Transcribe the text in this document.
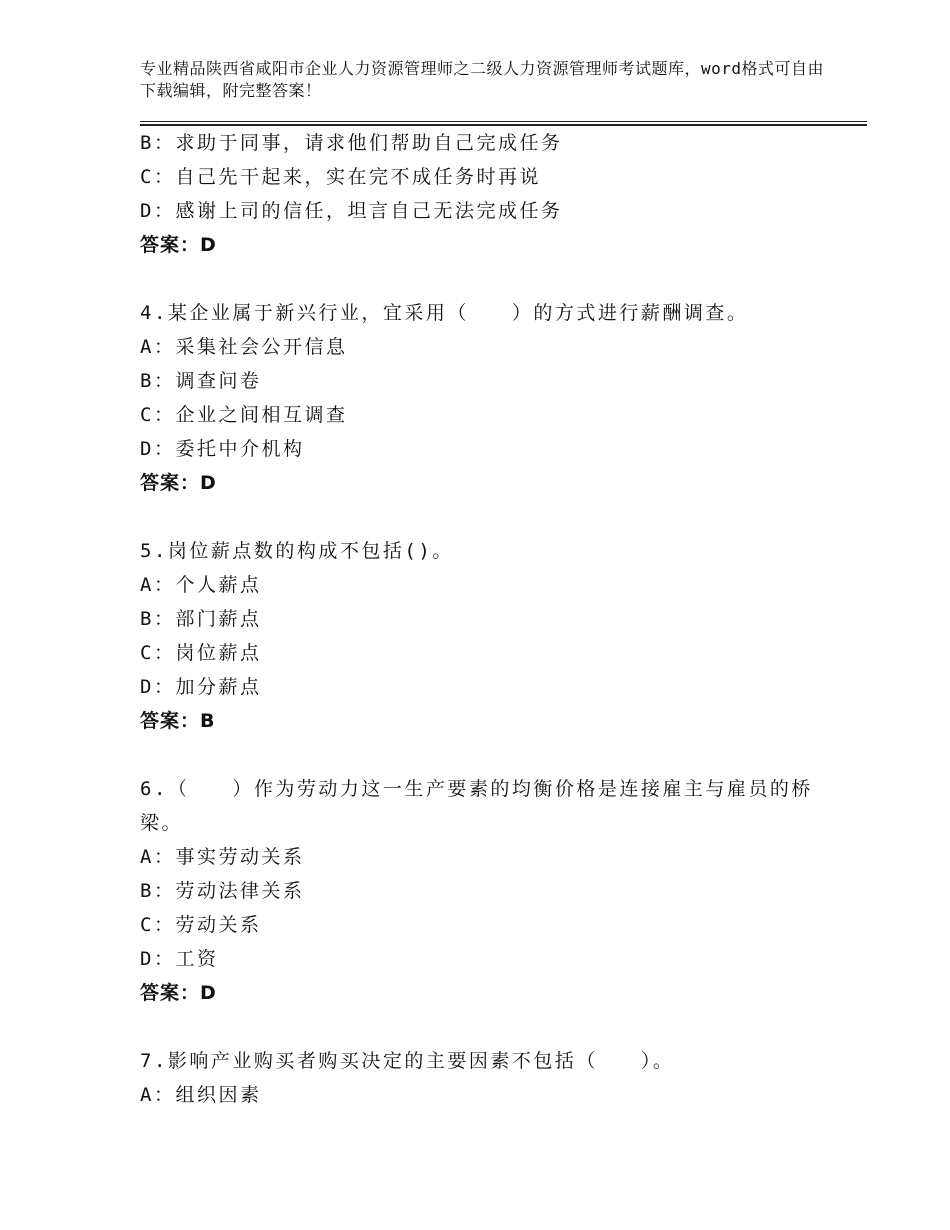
专业精品陕西省咸阳市企业人力资源管理师之二级人力资源管理师考试题库，word格式可自由下载编辑，附完整答案！
B：求助于同事，请求他们帮助自己完成任务
C：自己先干起来，实在完不成任务时再说
D：感谢上司的信任，坦言自己无法完成任务
答案：D
4.某企业属于新兴行业，宜采用（　　）的方式进行薪酬调查。
A：采集社会公开信息
B：调查问卷
C：企业之间相互调查
D：委托中介机构
答案：D
5.岗位薪点数的构成不包括()。
A：个人薪点
B：部门薪点
C：岗位薪点
D：加分薪点
答案：B
6.（　　）作为劳动力这一生产要素的均衡价格是连接雇主与雇员的桥梁。
A：事实劳动关系
B：劳动法律关系
C：劳动关系
D：工资
答案：D
7.影响产业购买者购买决定的主要因素不包括（　　）。
A：组织因素
